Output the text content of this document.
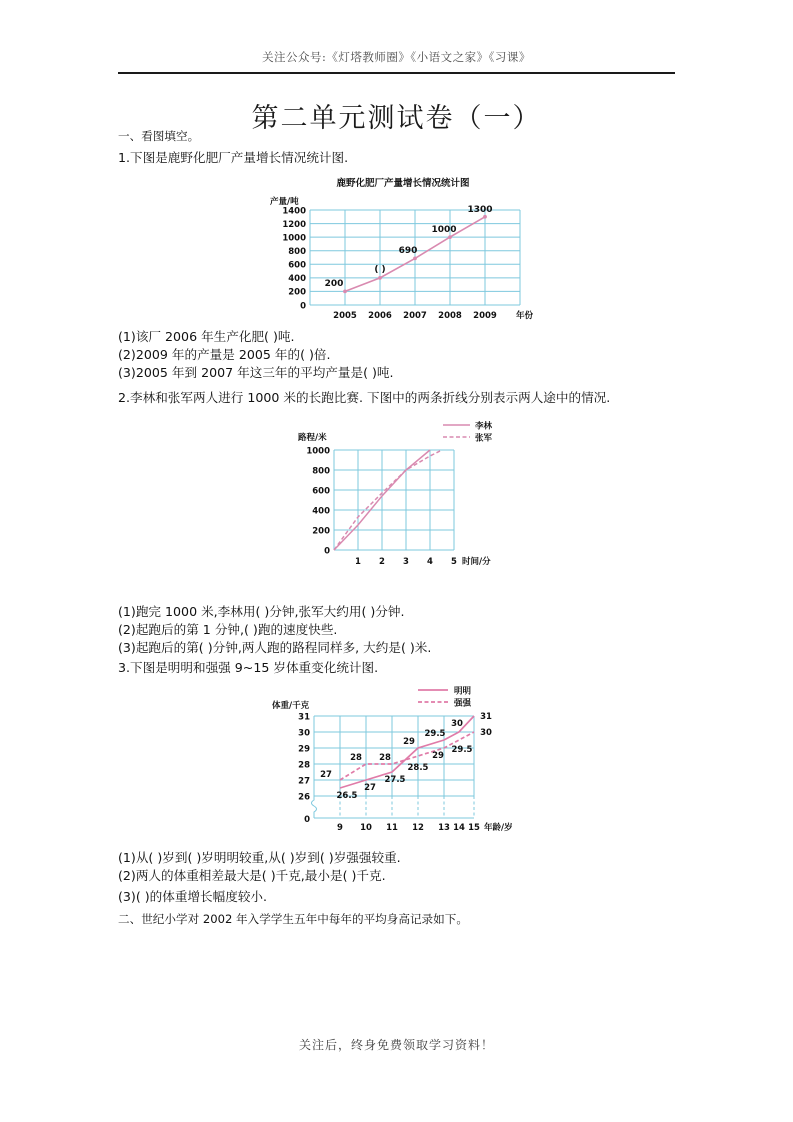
关注公众号:《灯塔教师圈》《小语文之家》《习课》
第二单元测试卷（一）
一、看图填空。
1.下图是鹿野化肥厂产量增长情况统计图.
鹿野化肥厂产量增长情况统计图
产量/吨
1400
1200
1000
800
600
400
200
0
2005 2006 2007 2008 2009 年份
200
( )
690
1000
1300
(1)该厂 2006 年生产化肥( )吨.
(2)2009 年的产量是 2005 年的( )倍.
(3)2005 年到 2007 年这三年的平均产量是( )吨.
2.李林和张军两人进行 1000 米的长跑比赛. 下图中的两条折线分别表示两人途中的情况.
李林
张军
路程/米
1000
800
600
400
200
0
1 2 3 4 5 时间/分
(1)跑完 1000 米,李林用( )分钟,张军大约用( )分钟.
(2)起跑后的第 1 分钟,( )跑的速度快些.
(3)起跑后的第( )分钟,两人跑的路程同样多, 大约是( )米.
3.下图是明明和强强 9~15 岁体重变化统计图.
明明
强强
体重/千克
31
30
29
28
27
26
0
9 10 11 12 13 14 15 年龄/岁
26.5
27
27.5
29
29.5
30
31
27
28 28
28.5
29
29.5
30
(1)从( )岁到( )岁明明较重,从( )岁到( )岁强强较重.
(2)两人的体重相差最大是( )千克,最小是( )千克.
(3)( )的体重增长幅度较小.
二、世纪小学对 2002 年入学学生五年中每年的平均身高记录如下。
关注后，终身免费领取学习资料！
